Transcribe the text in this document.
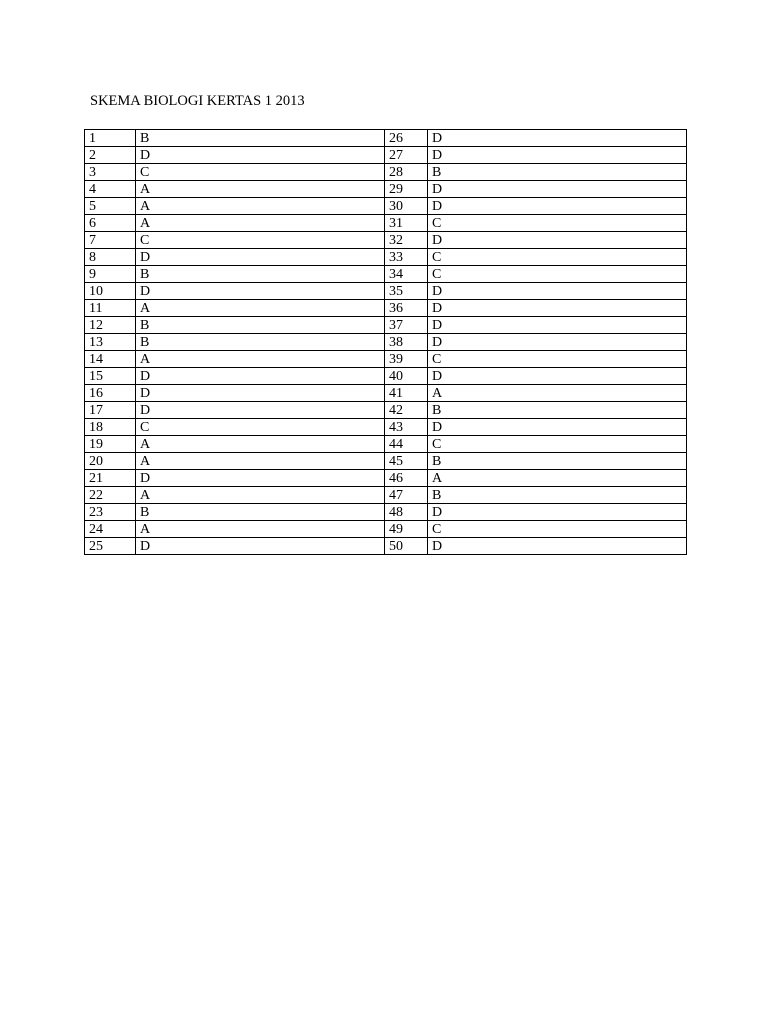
SKEMA BIOLOGI KERTAS 1 2013
1	B	26	D
2	D	27	D
3	C	28	B
4	A	29	D
5	A	30	D
6	A	31	C
7	C	32	D
8	D	33	C
9	B	34	C
10	D	35	D
11	A	36	D
12	B	37	D
13	B	38	D
14	A	39	C
15	D	40	D
16	D	41	A
17	D	42	B
18	C	43	D
19	A	44	C
20	A	45	B
21	D	46	A
22	A	47	B
23	B	48	D
24	A	49	C
25	D	50	D
